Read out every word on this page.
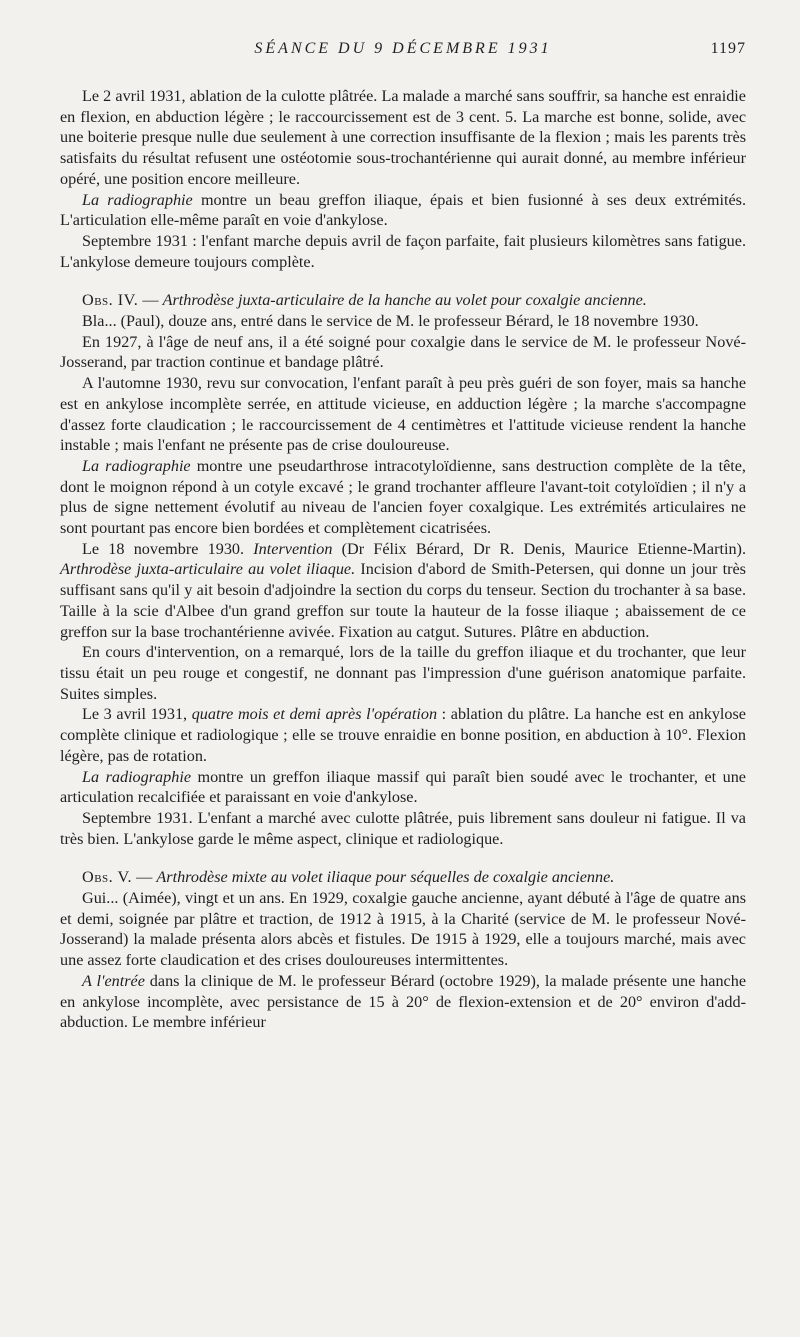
SÉANCE DU 9 DÉCEMBRE 1931	1197

Le 2 avril 1931, ablation de la culotte plâtrée. La malade a marché sans souffrir, sa hanche est enraidie en flexion, en abduction légère ; le raccourcissement est de 3 cent. 5. La marche est bonne, solide, avec une boiterie presque nulle due seulement à une correction insuffisante de la flexion ; mais les parents très satisfaits du résultat refusent une ostéotomie sous-trochantérienne qui aurait donné, au membre inférieur opéré, une position encore meilleure.

La radiographie montre un beau greffon iliaque, épais et bien fusionné à ses deux extrémités. L'articulation elle-même paraît en voie d'ankylose.

Septembre 1931 : l'enfant marche depuis avril de façon parfaite, fait plusieurs kilomètres sans fatigue. L'ankylose demeure toujours complète.

Obs. IV. — Arthrodèse juxta-articulaire de la hanche au volet pour coxalgie ancienne.

Bla... (Paul), douze ans, entré dans le service de M. le professeur Bérard, le 18 novembre 1930.

En 1927, à l'âge de neuf ans, il a été soigné pour coxalgie dans le service de M. le professeur Nové-Josserand, par traction continue et bandage plâtré.

A l'automne 1930, revu sur convocation, l'enfant paraît à peu près guéri de son foyer, mais sa hanche est en ankylose incomplète serrée, en attitude vicieuse, en adduction légère ; la marche s'accompagne d'assez forte claudication ; le raccourcissement de 4 centimètres et l'attitude vicieuse rendent la hanche instable ; mais l'enfant ne présente pas de crise douloureuse.

La radiographie montre une pseudarthrose intracotyloïdienne, sans destruction complète de la tête, dont le moignon répond à un cotyle excavé ; le grand trochanter affleure l'avant-toit cotyloïdien ; il n'y a plus de signe nettement évolutif au niveau de l'ancien foyer coxalgique. Les extrémités articulaires ne sont pourtant pas encore bien bordées et complètement cicatrisées.

Le 18 novembre 1930. Intervention (Dr Félix Bérard, Dr R. Denis, Maurice Etienne-Martin). Arthrodèse juxta-articulaire au volet iliaque. Incision d'abord de Smith-Petersen, qui donne un jour très suffisant sans qu'il y ait besoin d'adjoindre la section du corps du tenseur. Section du trochanter à sa base. Taille à la scie d'Albee d'un grand greffon sur toute la hauteur de la fosse iliaque ; abaissement de ce greffon sur la base trochantérienne avivée. Fixation au catgut. Sutures. Plâtre en abduction.

En cours d'intervention, on a remarqué, lors de la taille du greffon iliaque et du trochanter, que leur tissu était un peu rouge et congestif, ne donnant pas l'impression d'une guérison anatomique parfaite. Suites simples.

Le 3 avril 1931, quatre mois et demi après l'opération : ablation du plâtre. La hanche est en ankylose complète clinique et radiologique ; elle se trouve enraidie en bonne position, en abduction à 10°. Flexion légère, pas de rotation.

La radiographie montre un greffon iliaque massif qui paraît bien soudé avec le trochanter, et une articulation recalcifiée et paraissant en voie d'ankylose.

Septembre 1931. L'enfant a marché avec culotte plâtrée, puis librement sans douleur ni fatigue. Il va très bien. L'ankylose garde le même aspect, clinique et radiologique.

Obs. V. — Arthrodèse mixte au volet iliaque pour séquelles de coxalgie ancienne.

Gui... (Aimée), vingt et un ans. En 1929, coxalgie gauche ancienne, ayant débuté à l'âge de quatre ans et demi, soignée par plâtre et traction, de 1912 à 1915, à la Charité (service de M. le professeur Nové-Josserand) la malade présenta alors abcès et fistules. De 1915 à 1929, elle a toujours marché, mais avec une assez forte claudication et des crises douloureuses intermittentes.

A l'entrée dans la clinique de M. le professeur Bérard (octobre 1929), la malade présente une hanche en ankylose incomplète, avec persistance de 15 à 20° de flexion-extension et de 20° environ d'add-abduction. Le membre inférieur
